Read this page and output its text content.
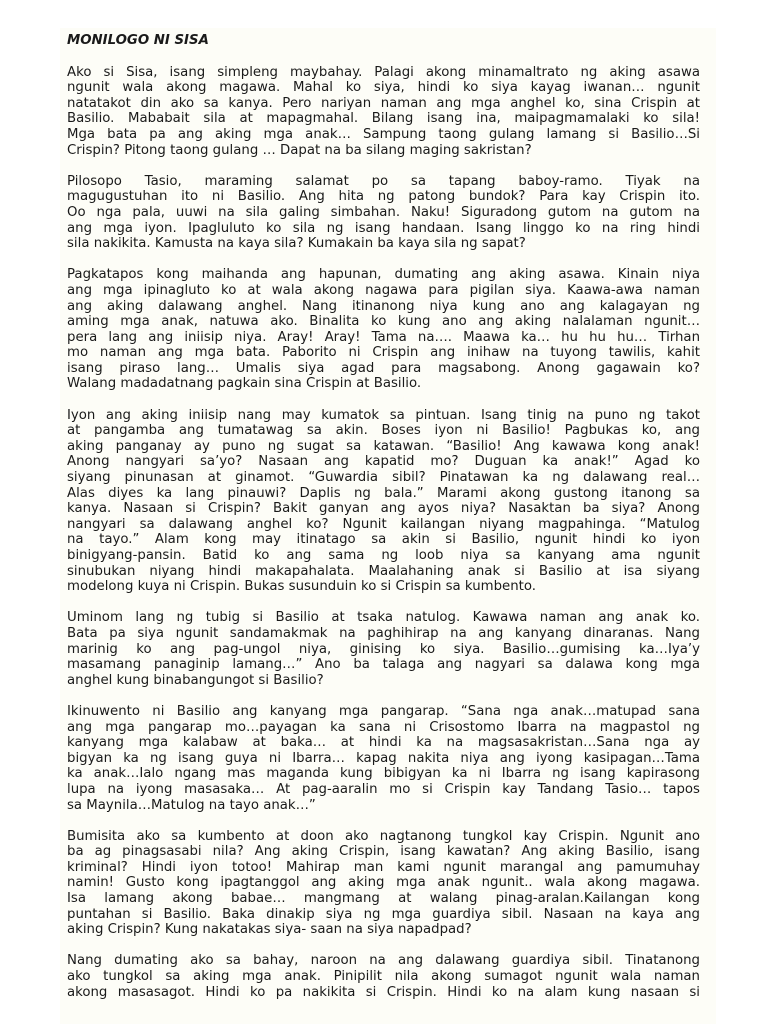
MONILOGO NI SISA
Ako si Sisa, isang simpleng maybahay. Palagi akong minamaltrato ng aking asawa
ngunit wala akong magawa. Mahal ko siya, hindi ko siya kayag iwanan… ngunit
natatakot din ako sa kanya. Pero nariyan naman ang mga anghel ko, sina Crispin at
Basilio. Mababait sila at mapagmahal. Bilang isang ina, maipagmamalaki ko sila!
Mga bata pa ang aking mga anak… Sampung taong gulang lamang si Basilio…Si
Crispin? Pitong taong gulang … Dapat na ba silang maging sakristan?
Pilosopo Tasio, maraming salamat po sa tapang baboy-ramo. Tiyak na
magugustuhan ito ni Basilio. Ang hita ng patong bundok? Para kay Crispin ito.
Oo nga pala, uuwi na sila galing simbahan. Naku! Siguradong gutom na gutom na
ang mga iyon. Ipagluluto ko sila ng isang handaan. Isang linggo ko na ring hindi
sila nakikita. Kamusta na kaya sila? Kumakain ba kaya sila ng sapat?
Pagkatapos kong maihanda ang hapunan, dumating ang aking asawa. Kinain niya
ang mga ipinagluto ko at wala akong nagawa para pigilan siya. Kaawa-awa naman
ang aking dalawang anghel. Nang itinanong niya kung ano ang kalagayan ng
aming mga anak, natuwa ako. Binalita ko kung ano ang aking nalalaman ngunit…
pera lang ang iniisip niya. Aray! Aray! Tama na…. Maawa ka… hu hu hu… Tirhan
mo naman ang mga bata. Paborito ni Crispin ang inihaw na tuyong tawilis, kahit
isang piraso lang… Umalis siya agad para magsabong. Anong gagawain ko?
Walang madadatnang pagkain sina Crispin at Basilio.
Iyon ang aking iniisip nang may kumatok sa pintuan. Isang tinig na puno ng takot
at pangamba ang tumatawag sa akin. Boses iyon ni Basilio! Pagbukas ko, ang
aking panganay ay puno ng sugat sa katawan. “Basilio! Ang kawawa kong anak!
Anong nangyari sa’yo? Nasaan ang kapatid mo? Duguan ka anak!” Agad ko
siyang pinunasan at ginamot. “Guwardia sibil? Pinatawan ka ng dalawang real…
Alas diyes ka lang pinauwi? Daplis ng bala.” Marami akong gustong itanong sa
kanya. Nasaan si Crispin? Bakit ganyan ang ayos niya? Nasaktan ba siya? Anong
nangyari sa dalawang anghel ko? Ngunit kailangan niyang magpahinga. “Matulog
na tayo.” Alam kong may itinatago sa akin si Basilio, ngunit hindi ko iyon
binigyang-pansin. Batid ko ang sama ng loob niya sa kanyang ama ngunit
sinubukan niyang hindi makapahalata. Maalahaning anak si Basilio at isa siyang
modelong kuya ni Crispin. Bukas susunduin ko si Crispin sa kumbento.
Uminom lang ng tubig si Basilio at tsaka natulog. Kawawa naman ang anak ko.
Bata pa siya ngunit sandamakmak na paghihirap na ang kanyang dinaranas. Nang
marinig ko ang pag-ungol niya, ginising ko siya. Basilio…gumising ka…Iya’y
masamang panaginip lamang…” Ano ba talaga ang nagyari sa dalawa kong mga
anghel kung binabangungot si Basilio?
Ikinuwento ni Basilio ang kanyang mga pangarap. “Sana nga anak…matupad sana
ang mga pangarap mo…payagan ka sana ni Crisostomo Ibarra na magpastol ng
kanyang mga kalabaw at baka… at hindi ka na magsasakristan…Sana nga ay
bigyan ka ng isang guya ni Ibarra… kapag nakita niya ang iyong kasipagan…Tama
ka anak…Ialo ngang mas maganda kung bibigyan ka ni Ibarra ng isang kapirasong
lupa na iyong masasaka… At pag-aaralin mo si Crispin kay Tandang Tasio… tapos
sa Maynila…Matulog na tayo anak…”
Bumisita ako sa kumbento at doon ako nagtanong tungkol kay Crispin. Ngunit ano
ba ag pinagsasabi nila? Ang aking Crispin, isang kawatan? Ang aking Basilio, isang
kriminal? Hindi iyon totoo! Mahirap man kami ngunit marangal ang pamumuhay
namin! Gusto kong ipagtanggol ang aking mga anak ngunit.. wala akong magawa.
Isa lamang akong babae… mangmang at walang pinag-aralan.Kailangan kong
puntahan si Basilio. Baka dinakip siya ng mga guardiya sibil. Nasaan na kaya ang
aking Crispin? Kung nakatakas siya- saan na siya napadpad?
Nang dumating ako sa bahay, naroon na ang dalawang guardiya sibil. Tinatanong
ako tungkol sa aking mga anak. Pinipilit nila akong sumagot ngunit wala naman
akong masasagot. Hindi ko pa nakikita si Crispin. Hindi ko na alam kung nasaan si
